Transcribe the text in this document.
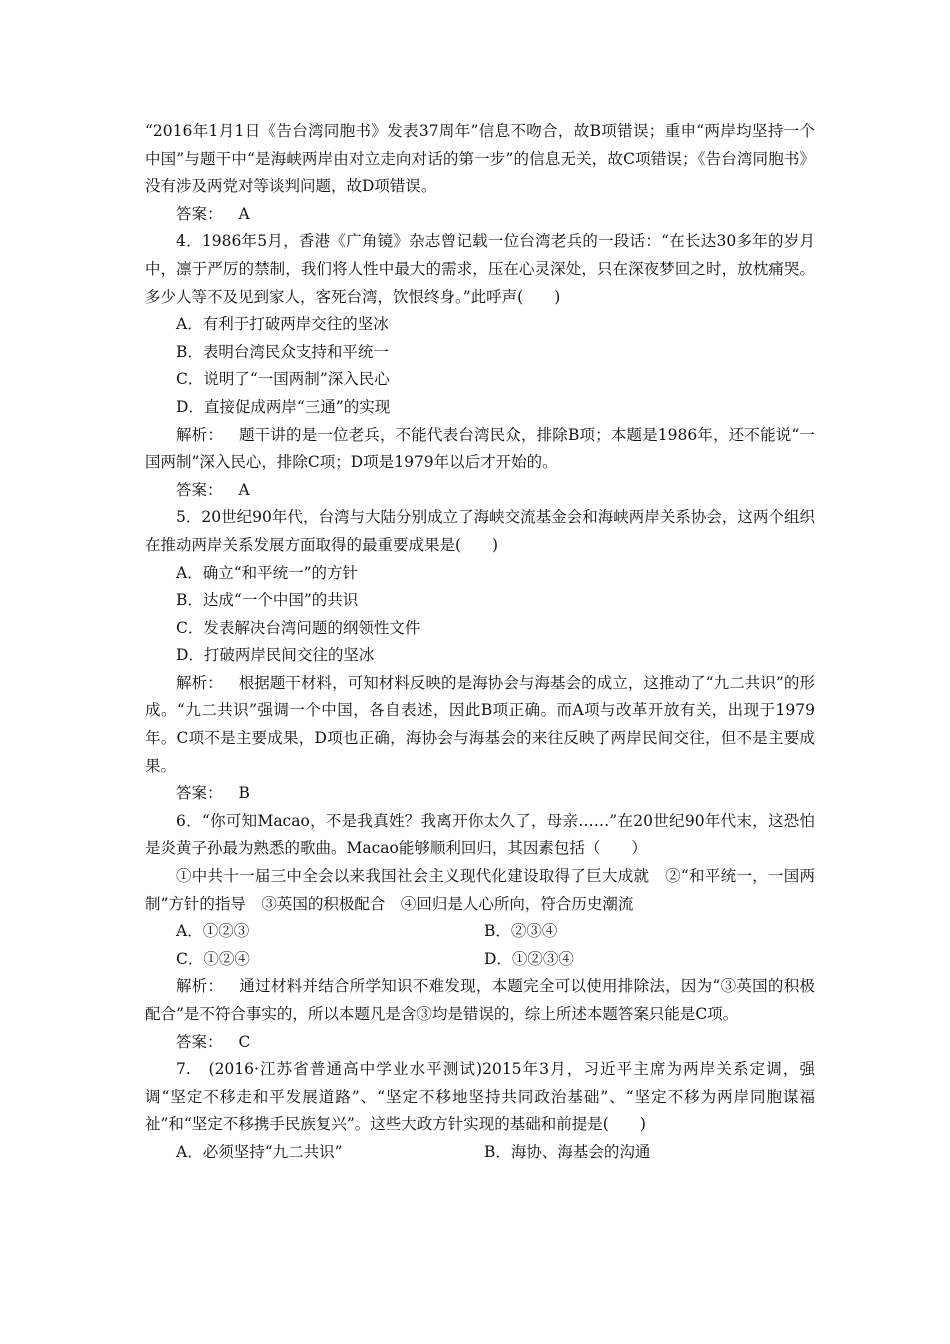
“2016年1月1日《告台湾同胞书》发表37周年”信息不吻合，故B项错误；重申“两岸均坚持一个中国”与题干中“是海峡两岸由对立走向对话的第一步”的信息无关，故C项错误；《告台湾同胞书》没有涉及两党对等谈判问题，故D项错误。

答案： A

4．1986年5月，香港《广角镜》杂志曾记载一位台湾老兵的一段话：“在长达30多年的岁月中，凛于严厉的禁制，我们将人性中最大的需求，压在心灵深处，只在深夜梦回之时，放枕痛哭。多少人等不及见到家人，客死台湾，饮恨终身。”此呼声(　　)

A．有利于打破两岸交往的坚冰

B．表明台湾民众支持和平统一

C．说明了“一国两制”深入民心

D．直接促成两岸“三通”的实现

解析： 题干讲的是一位老兵，不能代表台湾民众，排除B项；本题是1986年，还不能说“一国两制”深入民心，排除C项；D项是1979年以后才开始的。

答案： A

5．20世纪90年代，台湾与大陆分别成立了海峡交流基金会和海峡两岸关系协会，这两个组织在推动两岸关系发展方面取得的最重要成果是(　　)

A．确立“和平统一”的方针

B．达成“一个中国”的共识

C．发表解决台湾问题的纲领性文件

D．打破两岸民间交往的坚冰

解析： 根据题干材料，可知材料反映的是海协会与海基会的成立，这推动了“九二共识”的形成。“九二共识”强调一个中国，各自表述，因此B项正确。而A项与改革开放有关，出现于1979年。C项不是主要成果，D项也正确，海协会与海基会的来往反映了两岸民间交往，但不是主要成果。

答案： B

6．“你可知Macao，不是我真姓？我离开你太久了，母亲……”在20世纪90年代末，这恐怕是炎黄子孙最为熟悉的歌曲。Macao能够顺利回归，其因素包括（　　）

①中共十一届三中全会以来我国社会主义现代化建设取得了巨大成就　②“和平统一，一国两制”方针的指导　③英国的积极配合　④回归是人心所向，符合历史潮流

A．①②③	B．②③④
C．①②④	D．①②③④

解析： 通过材料并结合所学知识不难发现，本题完全可以使用排除法，因为“③英国的积极配合”是不符合事实的，所以本题凡是含③均是错误的，综上所述本题答案只能是C项。

答案： C

7.　(2016·江苏省普通高中学业水平测试)2015年3月，习近平主席为两岸关系定调，强调“坚定不移走和平发展道路”、“坚定不移地坚持共同政治基础”、“坚定不移为两岸同胞谋福祉”和“坚定不移携手民族复兴”。这些大政方针实现的基础和前提是(　　)

A．必须坚持“九二共识”	B．海协、海基会的沟通
